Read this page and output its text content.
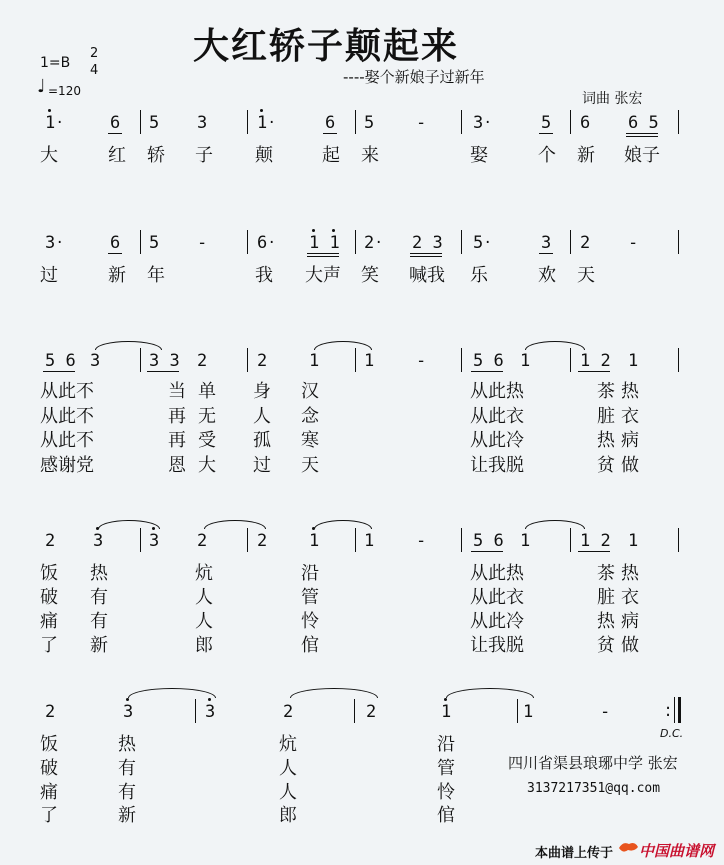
大红轿子颠起来
----娶个新娘子过新年
词曲 张宏
1=B
2
4
♩ =120
1 ·	6 5 3	1 ·	6 5 -	3 ·	5 6 6 5
大	红 轿 子 颠	起 来	娶	个 新 娘子
3 ·	6 5 -	6 · 1 1 2 · 2 3 5 ·	3 2 -
过	新 年	我 大声 笑 喊我 乐	欢 天
5 6 3	3 3 2	2 1	1 -	5 6 1	1 2 1
从此不	当单 身 汉	从此热	茶热
从此不	再无 人 念	从此衣	脏衣
从此不	再受 孤 寒	从此冷	热病
感谢党	恩大 过 天	让我脱	贫做
2 3	3 2	2 1	1 -	5 6 1	1 2 1
饭 热	炕	沿	从此热	茶热
破 有	人	管	从此衣	脏衣
痛 有	人	怜	从此冷	热病
了 新	郎	倌	让我脱	贫做
2	3	3	2	2	1	1	-	:
D.C.
饭	热	炕	沿
破	有	人	管
痛	有	人	怜
了	新	郎	倌
四川省渠县琅琊中学 张宏
3137217351@qq.com
本曲谱上传于 中国曲谱网
